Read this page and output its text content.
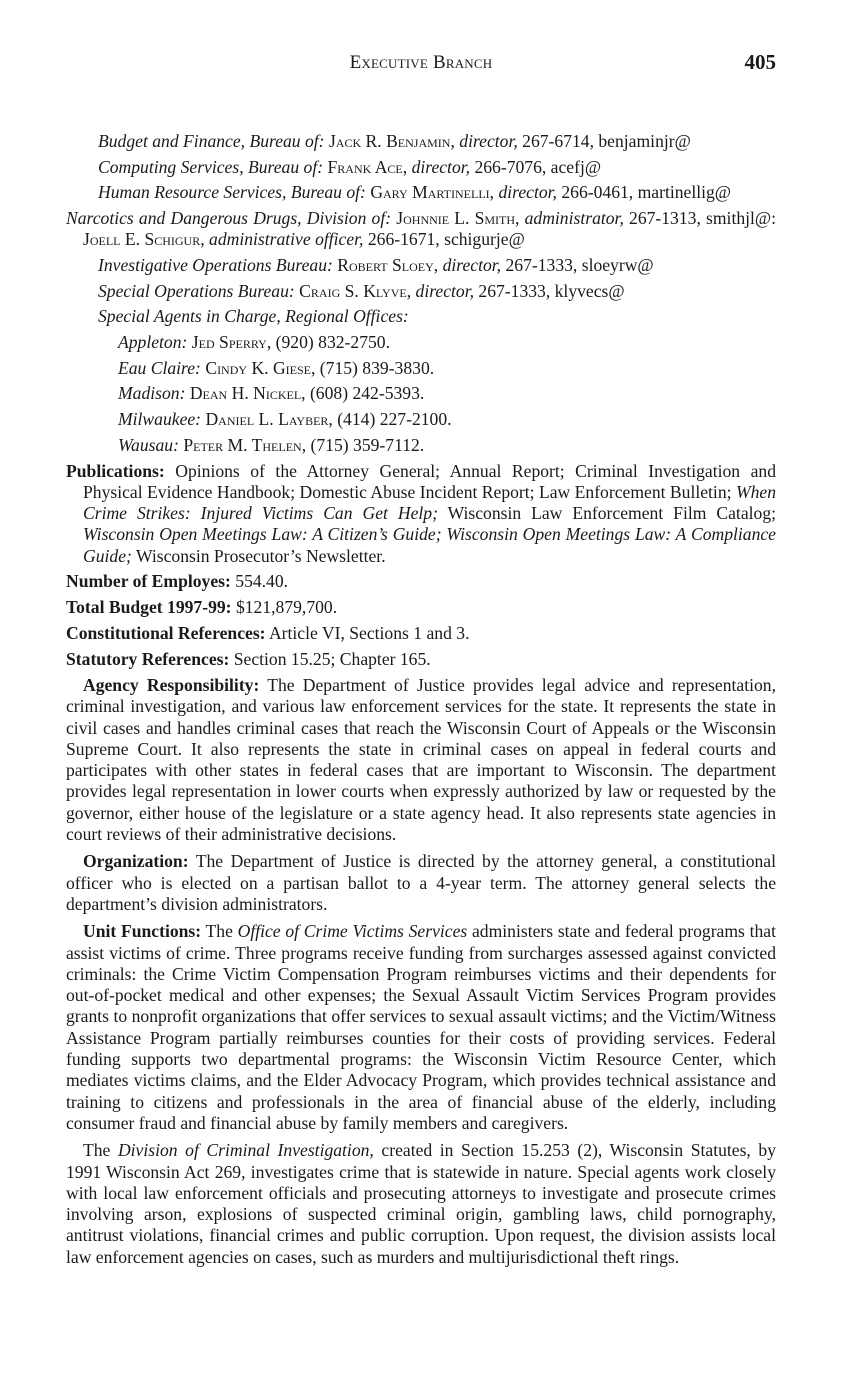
Executive Branch	405
Budget and Finance, Bureau of: Jack R. Benjamin, director, 267-6714, benjaminjr@
Computing Services, Bureau of: Frank Ace, director, 266-7076, acefj@
Human Resource Services, Bureau of: Gary Martinelli, director, 266-0461, martinellig@
Narcotics and Dangerous Drugs, Division of: Johnnie L. Smith, administrator, 267-1313, smithjl@: Joell E. Schigur, administrative officer, 266-1671, schigurje@
Investigative Operations Bureau: Robert Sloey, director, 267-1333, sloeyrw@
Special Operations Bureau: Craig S. Klyve, director, 267-1333, klyvecs@
Special Agents in Charge, Regional Offices:
Appleton: Jed Sperry, (920) 832-2750.
Eau Claire: Cindy K. Giese, (715) 839-3830.
Madison: Dean H. Nickel, (608) 242-5393.
Milwaukee: Daniel L. Layber, (414) 227-2100.
Wausau: Peter M. Thelen, (715) 359-7112.
Publications: Opinions of the Attorney General; Annual Report; Criminal Investigation and Physical Evidence Handbook; Domestic Abuse Incident Report; Law Enforcement Bulletin; When Crime Strikes: Injured Victims Can Get Help; Wisconsin Law Enforcement Film Catalog; Wisconsin Open Meetings Law: A Citizen’s Guide; Wisconsin Open Meetings Law: A Compliance Guide; Wisconsin Prosecutor’s Newsletter.
Number of Employes: 554.40.
Total Budget 1997-99: $121,879,700.
Constitutional References: Article VI, Sections 1 and 3.
Statutory References: Section 15.25; Chapter 165.

Agency Responsibility: The Department of Justice provides legal advice and representation, criminal investigation, and various law enforcement services for the state. It represents the state in civil cases and handles criminal cases that reach the Wisconsin Court of Appeals or the Wisconsin Supreme Court. It also represents the state in criminal cases on appeal in federal courts and participates with other states in federal cases that are important to Wisconsin. The department provides legal representation in lower courts when expressly authorized by law or requested by the governor, either house of the legislature or a state agency head. It also represents state agencies in court reviews of their administrative decisions.

Organization: The Department of Justice is directed by the attorney general, a constitutional officer who is elected on a partisan ballot to a 4-year term. The attorney general selects the department’s division administrators.

Unit Functions: The Office of Crime Victims Services administers state and federal programs that assist victims of crime. Three programs receive funding from surcharges assessed against convicted criminals: the Crime Victim Compensation Program reimburses victims and their dependents for out-of-pocket medical and other expenses; the Sexual Assault Victim Services Program provides grants to nonprofit organizations that offer services to sexual assault victims; and the Victim/Witness Assistance Program partially reimburses counties for their costs of providing services. Federal funding supports two departmental programs: the Wisconsin Victim Resource Center, which mediates victims claims, and the Elder Advocacy Program, which provides technical assistance and training to citizens and professionals in the area of financial abuse of the elderly, including consumer fraud and financial abuse by family members and caregivers.

The Division of Criminal Investigation, created in Section 15.253 (2), Wisconsin Statutes, by 1991 Wisconsin Act 269, investigates crime that is statewide in nature. Special agents work closely with local law enforcement officials and prosecuting attorneys to investigate and prosecute crimes involving arson, explosions of suspected criminal origin, gambling laws, child pornography, antitrust violations, financial crimes and public corruption. Upon request, the division assists local law enforcement agencies on cases, such as murders and multijurisdictional theft rings.
